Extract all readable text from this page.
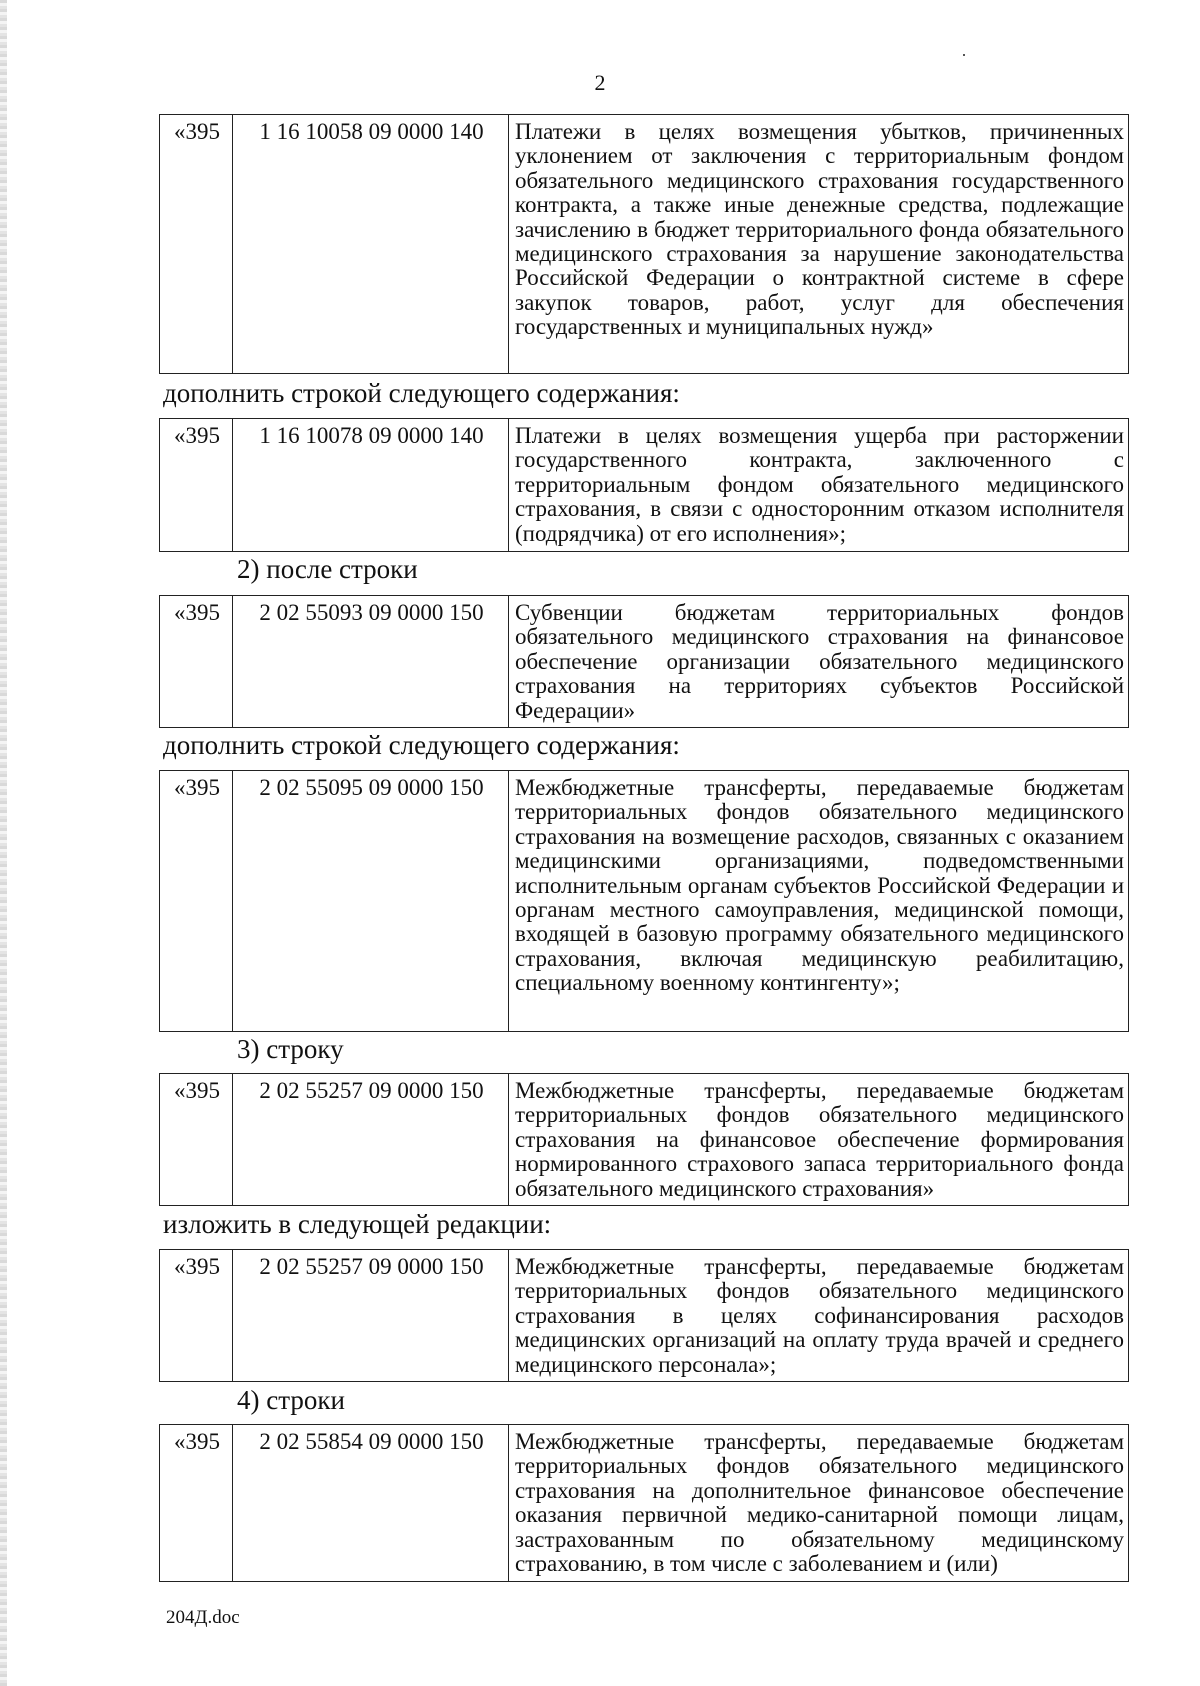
2
«395	1 16 10058 09 0000 140	Платежи в целях возмещения убытков, причиненных уклонением от заключения с территориальным фондом обязательного медицинского страхования государственного контракта, а также иные денежные средства, подлежащие зачислению в бюджет территориального фонда обязательного медицинского страхования за нарушение законодательства Российской Федерации о контрактной системе в сфере закупок товаров, работ, услуг для обеспечения государственных и муниципальных нужд»
дополнить строкой следующего содержания:
«395	1 16 10078 09 0000 140	Платежи в целях возмещения ущерба при расторжении государственного контракта, заключенного с территориальным фондом обязательного медицинского страхования, в связи с односторонним отказом исполнителя (подрядчика) от его исполнения»;
2) после строки
«395	2 02 55093 09 0000 150	Субвенции бюджетам территориальных фондов обязательного медицинского страхования на финансовое обеспечение организации обязательного медицинского страхования на территориях субъектов Российской Федерации»
дополнить строкой следующего содержания:
«395	2 02 55095 09 0000 150	Межбюджетные трансферты, передаваемые бюджетам территориальных фондов обязательного медицинского страхования на возмещение расходов, связанных с оказанием медицинскими организациями, подведомственными исполнительным органам субъектов Российской Федерации и органам местного самоуправления, медицинской помощи, входящей в базовую программу обязательного медицинского страхования, включая медицинскую реабилитацию, специальному военному контингенту»;
3) строку
«395	2 02 55257 09 0000 150	Межбюджетные трансферты, передаваемые бюджетам территориальных фондов обязательного медицинского страхования на финансовое обеспечение формирования нормированного страхового запаса территориального фонда обязательного медицинского страхования»
изложить в следующей редакции:
«395	2 02 55257 09 0000 150	Межбюджетные трансферты, передаваемые бюджетам территориальных фондов обязательного медицинского страхования в целях софинансирования расходов медицинских организаций на оплату труда врачей и среднего медицинского персонала»;
4) строки
«395	2 02 55854 09 0000 150	Межбюджетные трансферты, передаваемые бюджетам территориальных фондов обязательного медицинского страхования на дополнительное финансовое обеспечение оказания первичной медико-санитарной помощи лицам, застрахованным по обязательному медицинскому страхованию, в том числе с заболеванием и (или)
204Д.doc
